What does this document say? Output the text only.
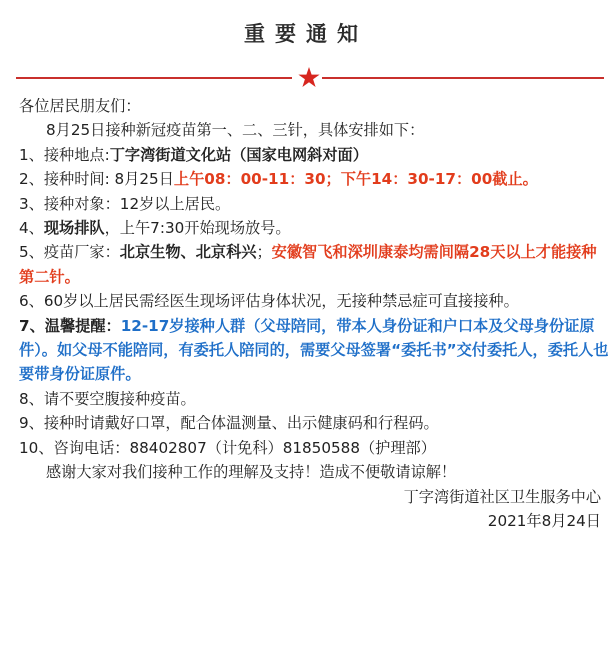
重要通知

各位居民朋友们：

8月25日接种新冠疫苗第一、二、三针，具体安排如下：

1、接种地点:丁字湾街道文化站（国家电网斜对面）

2、接种时间: 8月25日上午08：00-11：30；下午14：30-17：00截止。

3、接种对象：12岁以上居民。

4、现场排队，上午7:30开始现场放号。

5、疫苗厂家：北京生物、北京科兴；安徽智飞和深圳康泰均需间隔28天以上才能接种第二针。

6、60岁以上居民需经医生现场评估身体状况，无接种禁忌症可直接接种。

7、温馨提醒：12-17岁接种人群（父母陪同，带本人身份证和户口本及父母身份证原件）。如父母不能陪同，有委托人陪同的，需要父母签署“委托书”交付委托人，委托人也要带身份证原件。

8、请不要空腹接种疫苗。

9、接种时请戴好口罩，配合体温测量、出示健康码和行程码。

10、咨询电话：88402807（计免科）81850588（护理部）

感谢大家对我们接种工作的理解及支持！造成不便敬请谅解！

丁字湾街道社区卫生服务中心

2021年8月24日
